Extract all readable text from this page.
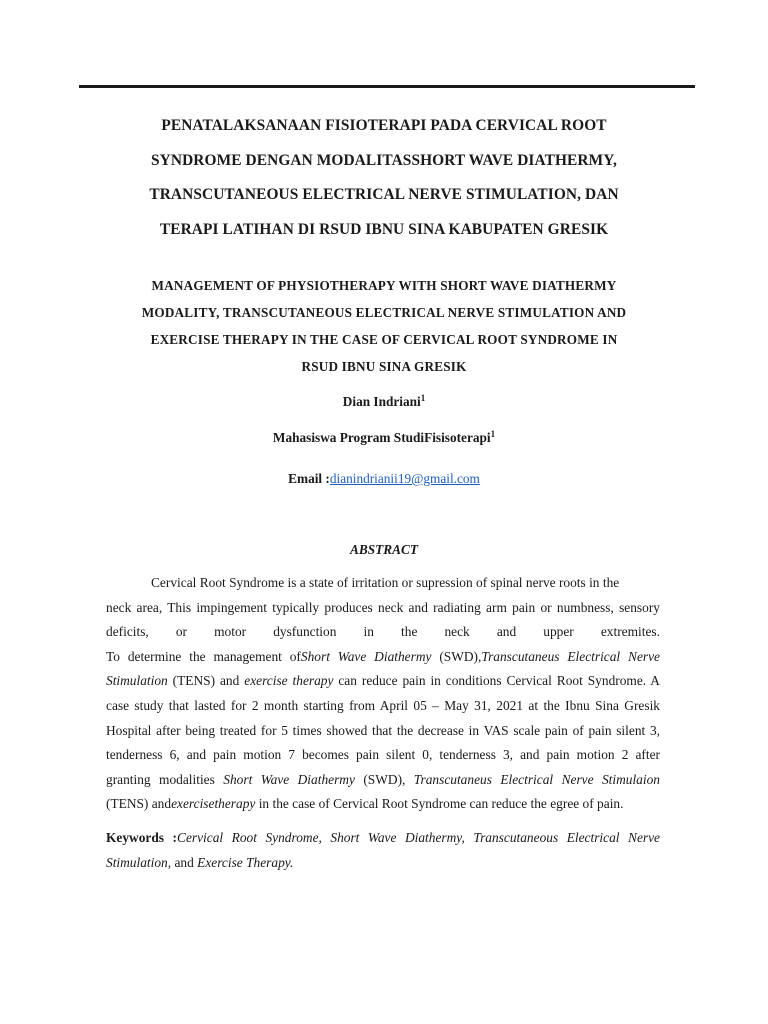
PENATALAKSANAAN FISIOTERAPI PADA CERVICAL ROOT
SYNDROME DENGAN MODALITASSHORT WAVE DIATHERMY,
TRANSCUTANEOUS ELECTRICAL NERVE STIMULATION, DAN
TERAPI LATIHAN DI RSUD IBNU SINA KABUPATEN GRESIK
MANAGEMENT OF PHYSIOTHERAPY WITH SHORT WAVE DIATHERMY
MODALITY, TRANSCUTANEOUS ELECTRICAL NERVE STIMULATION AND
EXERCISE THERAPY IN THE CASE OF CERVICAL ROOT SYNDROME IN
RSUD IBNU SINA GRESIK
Dian Indriani$^1$
Mahasiswa Program StudiFisisoterapi$^1$
Email :dianindrianii19@gmail.com
ABSTRACT
Cervical Root Syndrome is a state of irritation or supression of spinal nerve roots in the
neck area, This impingement typically produces neck and radiating arm pain or numbness, sensory
deficits, or motor dysfunction in the neck and upper extremites.
To determine the management ofShort Wave Diathermy (SWD),Transcutaneus Electrical Nerve
Stimulation (TENS) and exercise therapy can reduce pain in conditions Cervical Root Syndrome. A
case study that lasted for 2 month starting from April 05 – May 31, 2021 at the Ibnu Sina Gresik
Hospital after being treated for 5 times showed that the decrease in VAS scale pain of pain silent 3,
tenderness 6, and pain motion 7 becomes pain silent 0, tenderness 3, and pain motion 2 after
granting modalities Short Wave Diathermy (SWD), Transcutaneus Electrical Nerve Stimulaion
(TENS) andexercisetherapy in the case of Cervical Root Syndrome can reduce the egree of pain.
Keywords :Cervical Root Syndrome, Short Wave Diathermy, Transcutaneous Electrical Nerve
Stimulation, and Exercise Therapy.
